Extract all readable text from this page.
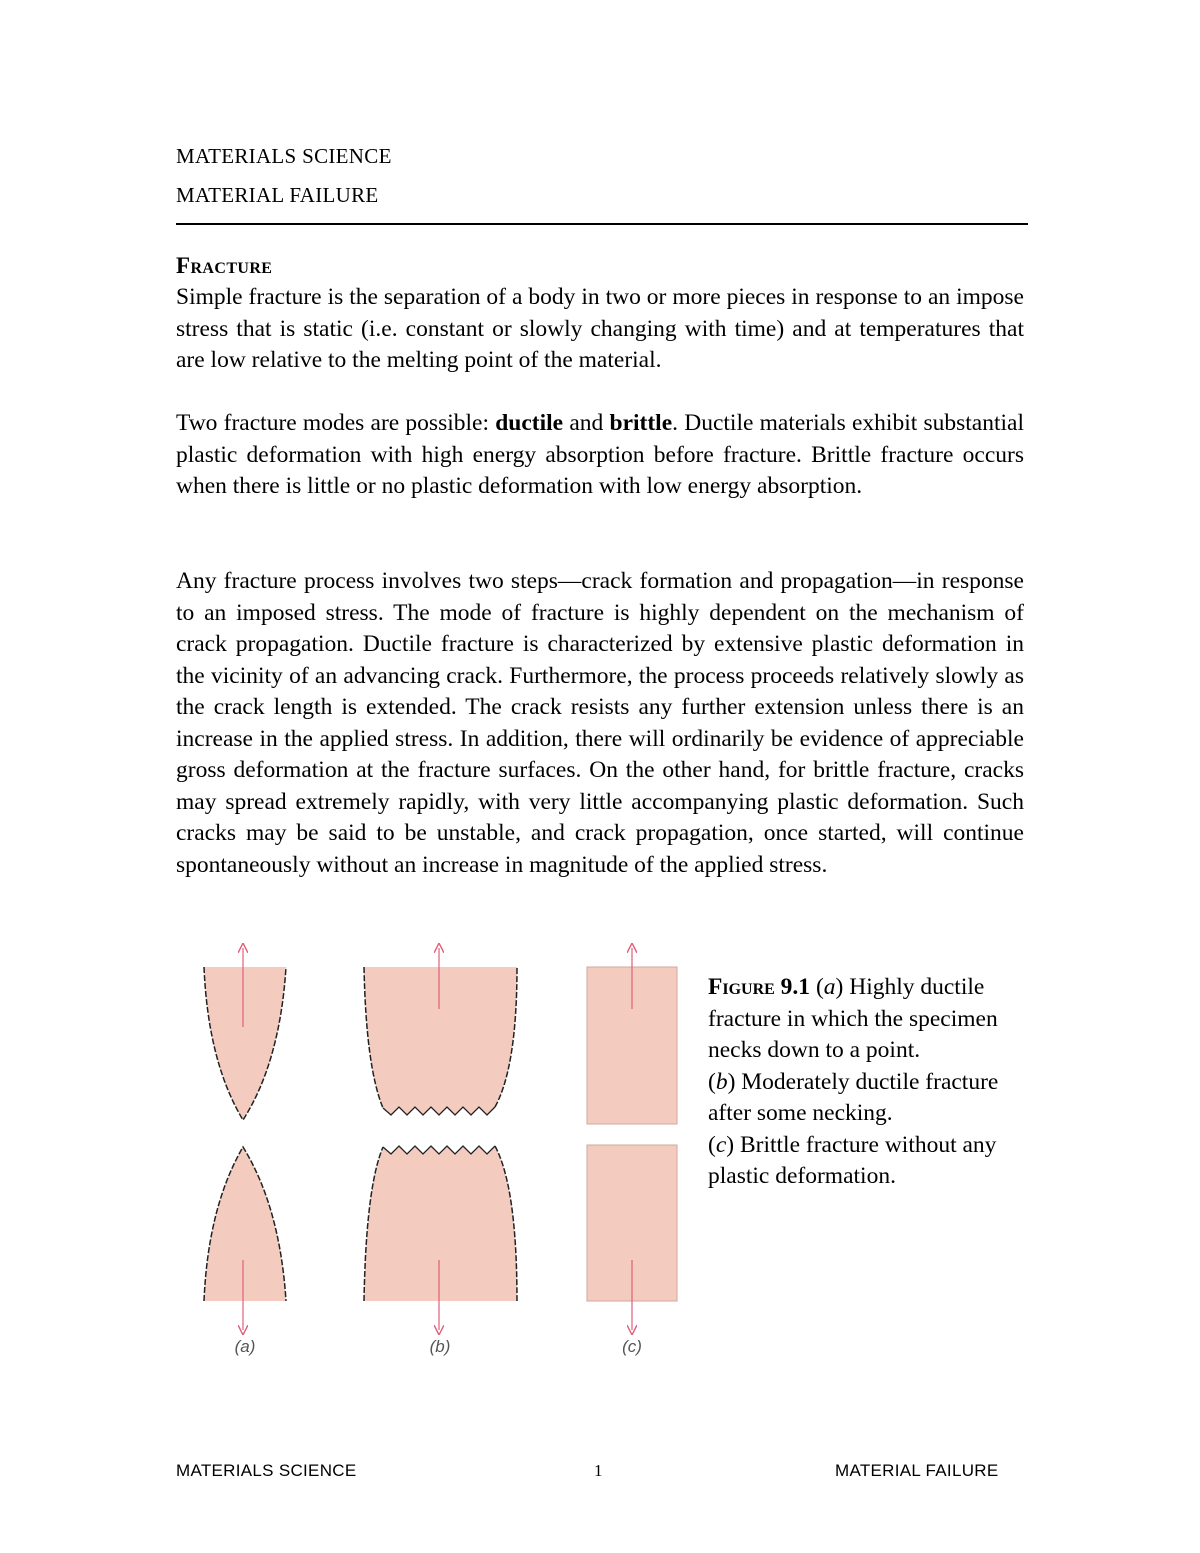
MATERIALS SCIENCE
MATERIAL FAILURE
Fracture

Simple fracture is the separation of a body in two or more pieces in response to an impose stress that is static (i.e. constant or slowly changing with time) and at temperatures that are low relative to the melting point of the material.

Two fracture modes are possible: ductile and brittle. Ductile materials exhibit substantial plastic deformation with high energy absorption before fracture. Brittle fracture occurs when there is little or no plastic deformation with low energy absorption.

Any fracture process involves two steps—crack formation and propagation—in response to an imposed stress. The mode of fracture is highly dependent on the mechanism of crack propagation. Ductile fracture is characterized by extensive plastic deformation in the vicinity of an advancing crack. Furthermore, the process proceeds relatively slowly as the crack length is extended. The crack resists any further extension unless there is an increase in the applied stress. In addition, there will ordinarily be evidence of appreciable gross deformation at the fracture surfaces. On the other hand, for brittle fracture, cracks may spread extremely rapidly, with very little accompanying plastic deformation. Such cracks may be said to be unstable, and crack propagation, once started, will continue spontaneously without an increase in magnitude of the applied stress.

(a)	(b)	(c)
Figure 9.1 (a) Highly ductile fracture in which the specimen necks down to a point.
(b) Moderately ductile fracture after some necking.
(c) Brittle fracture without any plastic deformation.
MATERIALS SCIENCE	1	MATERIAL FAILURE
